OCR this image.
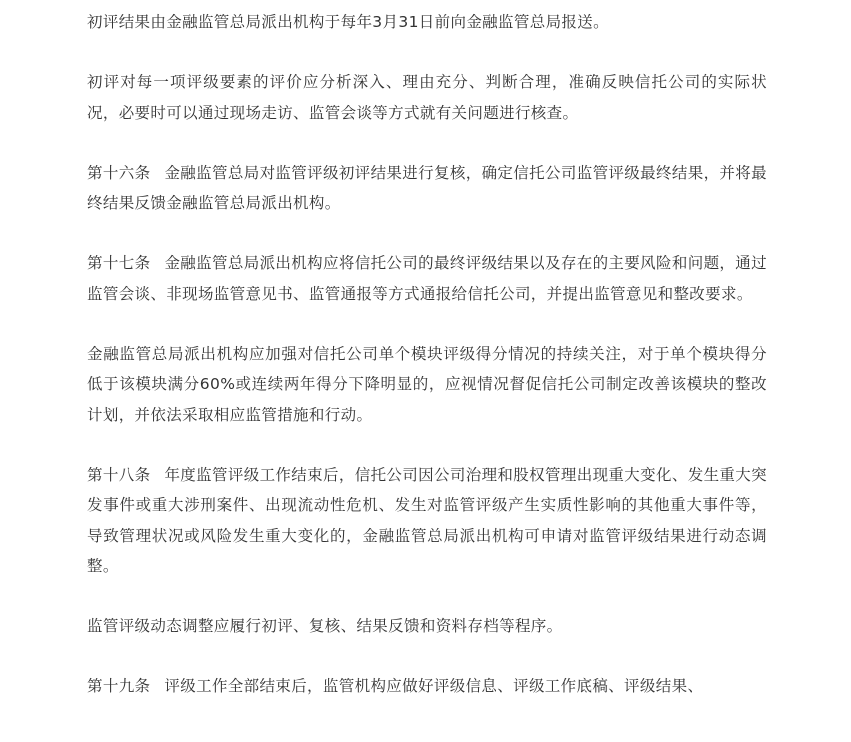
初评结果由金融监管总局派出机构于每年3月31日前向金融监管总局报送。

初评对每一项评级要素的评价应分析深入、理由充分、判断合理，准确反映信托公司的实际状况，必要时可以通过现场走访、监管会谈等方式就有关问题进行核查。

第十六条 金融监管总局对监管评级初评结果进行复核，确定信托公司监管评级最终结果，并将最终结果反馈金融监管总局派出机构。

第十七条 金融监管总局派出机构应将信托公司的最终评级结果以及存在的主要风险和问题，通过监管会谈、非现场监管意见书、监管通报等方式通报给信托公司，并提出监管意见和整改要求。

金融监管总局派出机构应加强对信托公司单个模块评级得分情况的持续关注，对于单个模块得分低于该模块满分60%或连续两年得分下降明显的，应视情况督促信托公司制定改善该模块的整改计划，并依法采取相应监管措施和行动。

第十八条 年度监管评级工作结束后，信托公司因公司治理和股权管理出现重大变化、发生重大突发事件或重大涉刑案件、出现流动性危机、发生对监管评级产生实质性影响的其他重大事件等，导致管理状况或风险发生重大变化的，金融监管总局派出机构可申请对监管评级结果进行动态调整。

监管评级动态调整应履行初评、复核、结果反馈和资料存档等程序。

第十九条 评级工作全部结束后，监管机构应做好评级信息、评级工作底稿、评级结果、
